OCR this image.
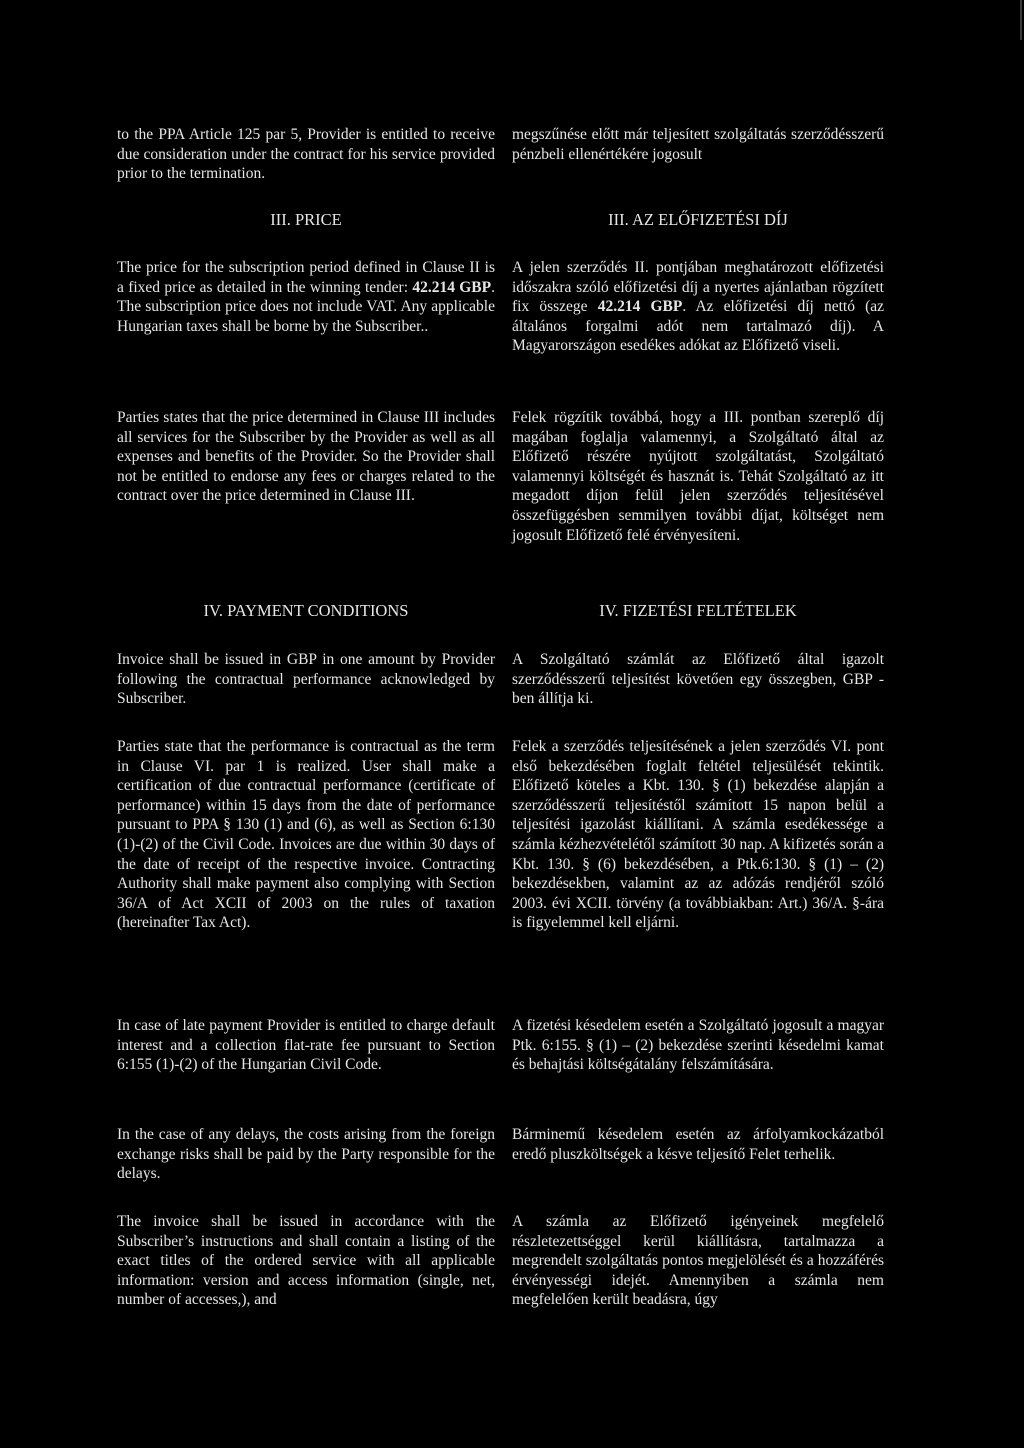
to the PPA Article 125 par 5, Provider is entitled to receive due consideration under the contract for his service provided prior to the termination.
III. PRICE
The price for the subscription period defined in Clause II is a fixed price as detailed in the winning tender: 42.214 GBP. The subscription price does not include VAT. Any applicable Hungarian taxes shall be borne by the Subscriber..
Parties states that the price determined in Clause III includes all services for the Subscriber by the Provider as well as all expenses and benefits of the Provider. So the Provider shall not be entitled to endorse any fees or charges related to the contract over the price determined in Clause III.
IV. PAYMENT CONDITIONS
Invoice shall be issued in GBP in one amount by Provider following the contractual performance acknowledged by Subscriber.
Parties state that the performance is contractual as the term in Clause VI. par 1 is realized. User shall make a certification of due contractual performance (certificate of performance) within 15 days from the date of performance pursuant to PPA § 130 (1) and (6), as well as Section 6:130 (1)-(2) of the Civil Code. Invoices are due within 30 days of the date of receipt of the respective invoice. Contracting Authority shall make payment also complying with Section 36/A of Act XCII of 2003 on the rules of taxation (hereinafter Tax Act).
In case of late payment Provider is entitled to charge default interest and a collection flat-rate fee pursuant to Section 6:155 (1)-(2) of the Hungarian Civil Code.
In the case of any delays, the costs arising from the foreign exchange risks shall be paid by the Party responsible for the delays.
The invoice shall be issued in accordance with the Subscriber’s instructions and shall contain a listing of the exact titles of the ordered service with all applicable information: version and access information (single, net, number of accesses,), and
megszűnése előtt már teljesített szolgáltatás szerződésszerű pénzbeli ellenértékére jogosult
III. AZ ELŐFIZETÉSI DÍJ
A jelen szerződés II. pontjában meghatározott előfizetési időszakra szóló előfizetési díj a nyertes ajánlatban rögzített fix összege 42.214 GBP. Az előfizetési díj nettó (az általános forgalmi adót nem tartalmazó díj). A Magyarországon esedékes adókat az Előfizető viseli.
Felek rögzítik továbbá, hogy a III. pontban szereplő díj magában foglalja valamennyi, a Szolgáltató által az Előfizető részére nyújtott szolgáltatást, Szolgáltató valamennyi költségét és hasznát is. Tehát Szolgáltató az itt megadott díjon felül jelen szerződés teljesítésével összefüggésben semmilyen további díjat, költséget nem jogosult Előfizető felé érvényesíteni.
IV. FIZETÉSI FELTÉTELEK
A Szolgáltató számlát az Előfizető által igazolt szerződésszerű teljesítést követően egy összegben, GBP -ben állítja ki.
Felek a szerződés teljesítésének a jelen szerződés VI. pont első bekezdésében foglalt feltétel teljesülését tekintik. Előfizető köteles a Kbt. 130. § (1) bekezdése alapján a szerződésszerű teljesítéstől számított 15 napon belül a teljesítési igazolást kiállítani. A számla esedékessége a számla kézhezvételétől számított 30 nap. A kifizetés során a Kbt. 130. § (6) bekezdésében, a Ptk.6:130. § (1) – (2) bekezdésekben, valamint az az adózás rendjéről szóló 2003. évi XCII. törvény (a továbbiakban: Art.) 36/A. §-ára is figyelemmel kell eljárni.
A fizetési késedelem esetén a Szolgáltató jogosult a magyar Ptk. 6:155. § (1) – (2) bekezdése szerinti késedelmi kamat és behajtási költségátalány felszámítására.
Bárminemű késedelem esetén az árfolyamkockázatból eredő pluszköltségek a késve teljesítő Felet terhelik.
A számla az Előfizető igényeinek megfelelő részletezettséggel kerül kiállításra, tartalmazza a megrendelt szolgáltatás pontos megjelölését és a hozzáférés érvényességi idejét. Amennyiben a számla nem megfelelően került beadásra, úgy
